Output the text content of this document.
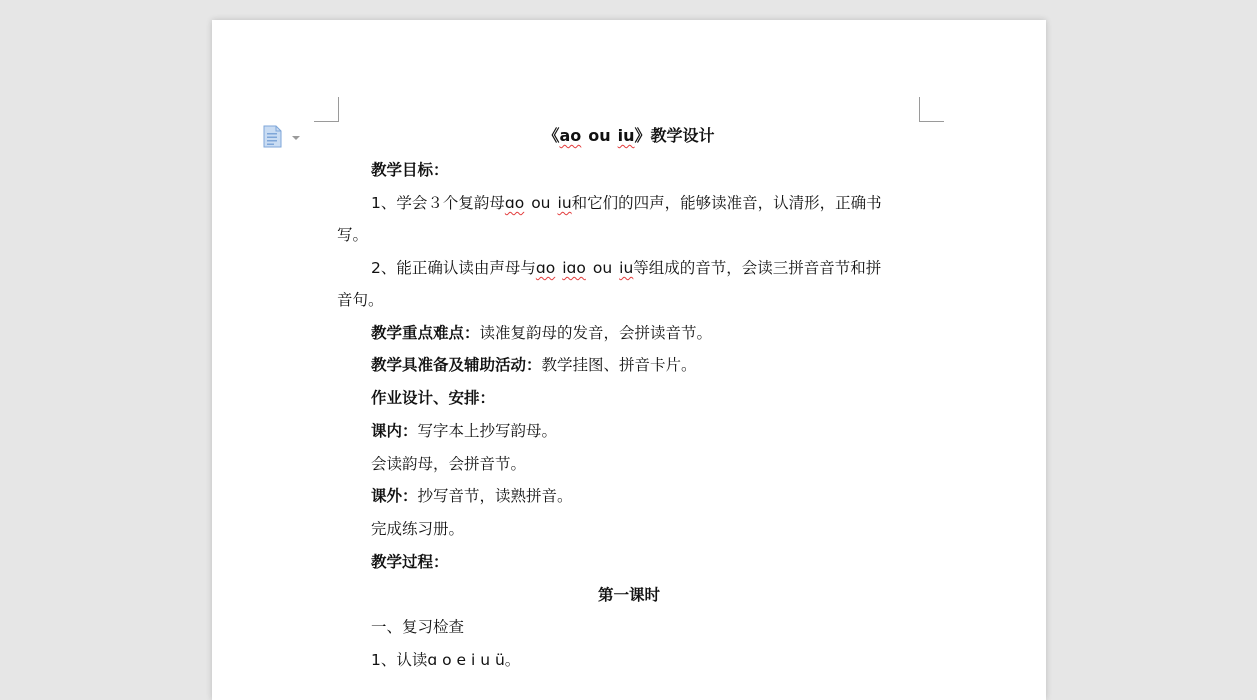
《ao ou iu》教学设计
教学目标：
1、学会３个复韵母ɑo ou iu和它们的四声，能够读准音，认清形，正确书
写。
2、能正确认读由声母与ɑo iɑo ou iu等组成的音节，会读三拼音音节和拼
音句。
教学重点难点：读准复韵母的发音，会拼读音节。
教学具准备及辅助活动：教学挂图、拼音卡片。
作业设计、安排：
课内：写字本上抄写韵母。
会读韵母，会拼音节。
课外：抄写音节，读熟拼音。
完成练习册。
教学过程：
第一课时
一、复习检查
1、认读ɑ o e i u ü。
